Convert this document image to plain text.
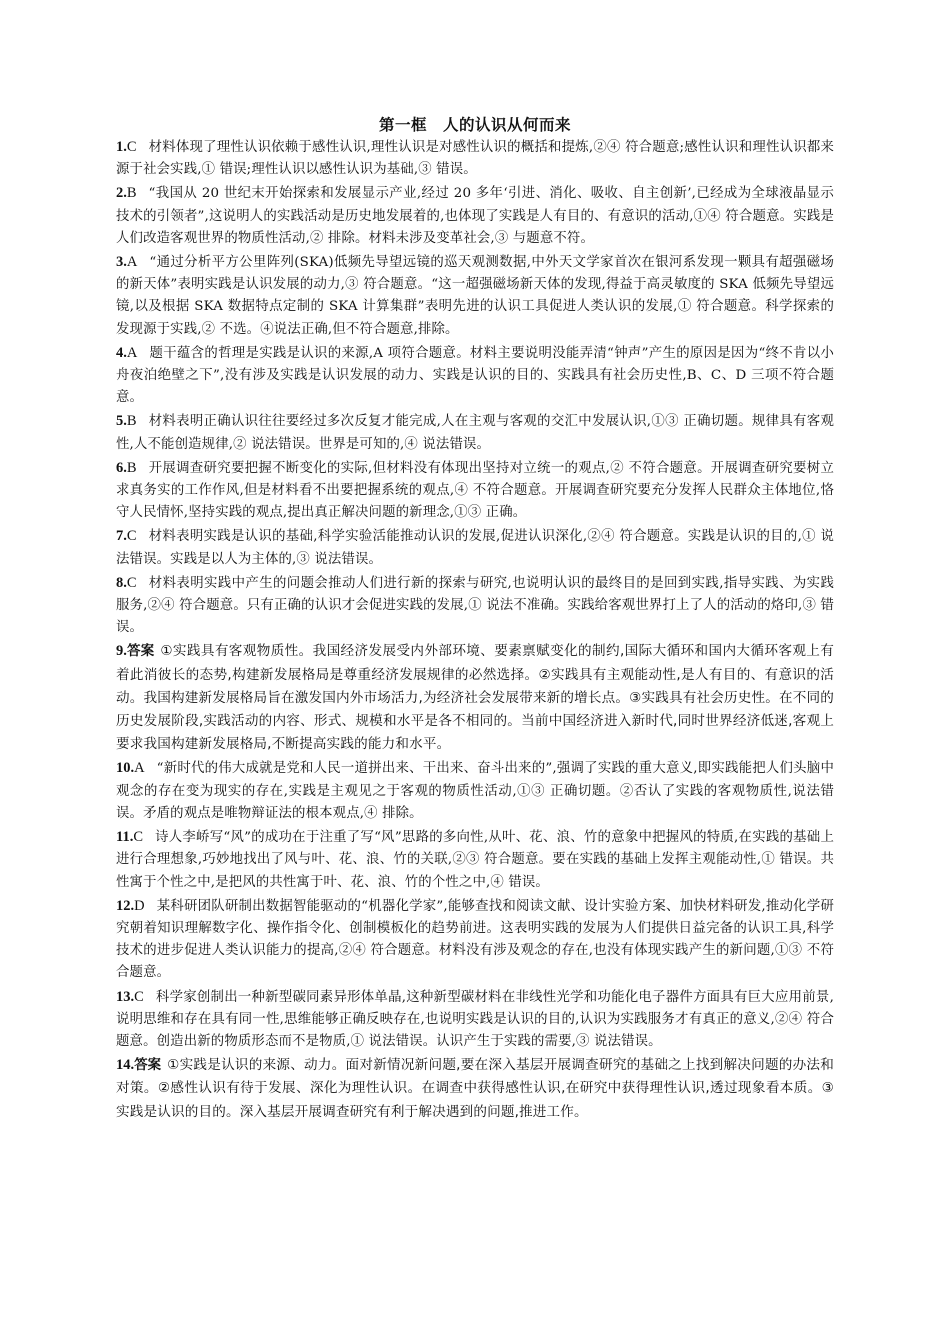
第一框　人的认识从何而来
1.C 材料体现了理性认识依赖于感性认识,理性认识是对感性认识的概括和提炼,②④ 符合题意;感性认识和理性认识都来源于社会实践,① 错误;理性认识以感性认识为基础,③ 错误。
2.B “我国从 20 世纪末开始探索和发展显示产业,经过 20 多年‘引进、消化、吸收、自主创新’,已经成为全球液晶显示技术的引领者”,这说明人的实践活动是历史地发展着的,也体现了实践是人有目的、有意识的活动,①④ 符合题意。实践是人们改造客观世界的物质性活动,② 排除。材料未涉及变革社会,③ 与题意不符。
3.A “通过分析平方公里阵列(SKA)低频先导望远镜的巡天观测数据,中外天文学家首次在银河系发现一颗具有超强磁场的新天体”表明实践是认识发展的动力,③ 符合题意。“这一超强磁场新天体的发现,得益于高灵敏度的 SKA 低频先导望远镜,以及根据 SKA 数据特点定制的 SKA 计算集群”表明先进的认识工具促进人类认识的发展,① 符合题意。科学探索的发现源于实践,② 不选。④说法正确,但不符合题意,排除。
4.A 题干蕴含的哲理是实践是认识的来源,A 项符合题意。材料主要说明没能弄清“钟声”产生的原因是因为“终不肯以小舟夜泊绝壁之下”,没有涉及实践是认识发展的动力、实践是认识的目的、实践具有社会历史性,B、C、D 三项不符合题意。
5.B 材料表明正确认识往往要经过多次反复才能完成,人在主观与客观的交汇中发展认识,①③ 正确切题。规律具有客观性,人不能创造规律,② 说法错误。世界是可知的,④ 说法错误。
6.B 开展调查研究要把握不断变化的实际,但材料没有体现出坚持对立统一的观点,② 不符合题意。开展调查研究要树立求真务实的工作作风,但是材料看不出要把握系统的观点,④ 不符合题意。开展调查研究要充分发挥人民群众主体地位,恪守人民情怀,坚持实践的观点,提出真正解决问题的新理念,①③ 正确。
7.C 材料表明实践是认识的基础,科学实验活能推动认识的发展,促进认识深化,②④ 符合题意。实践是认识的目的,① 说法错误。实践是以人为主体的,③ 说法错误。
8.C 材料表明实践中产生的问题会推动人们进行新的探索与研究,也说明认识的最终目的是回到实践,指导实践、为实践服务,②④ 符合题意。只有正确的认识才会促进实践的发展,① 说法不准确。实践给客观世界打上了人的活动的烙印,③ 错误。
9.答案 ①实践具有客观物质性。我国经济发展受内外部环境、要素禀赋变化的制约,国际大循环和国内大循环客观上有着此消彼长的态势,构建新发展格局是尊重经济发展规律的必然选择。②实践具有主观能动性,是人有目的、有意识的活动。我国构建新发展格局旨在激发国内外市场活力,为经济社会发展带来新的增长点。③实践具有社会历史性。在不同的历史发展阶段,实践活动的内容、形式、规模和水平是各不相同的。当前中国经济进入新时代,同时世界经济低迷,客观上要求我国构建新发展格局,不断提高实践的能力和水平。
10.A “新时代的伟大成就是党和人民一道拼出来、干出来、奋斗出来的”,强调了实践的重大意义,即实践能把人们头脑中观念的存在变为现实的存在,实践是主观见之于客观的物质性活动,①③ 正确切题。②否认了实践的客观物质性,说法错误。矛盾的观点是唯物辩证法的根本观点,④ 排除。
11.C 诗人李峤写“风”的成功在于注重了写“风”思路的多向性,从叶、花、浪、竹的意象中把握风的特质,在实践的基础上进行合理想象,巧妙地找出了风与叶、花、浪、竹的关联,②③ 符合题意。要在实践的基础上发挥主观能动性,① 错误。共性寓于个性之中,是把风的共性寓于叶、花、浪、竹的个性之中,④ 错误。
12.D 某科研团队研制出数据智能驱动的“机器化学家”,能够查找和阅读文献、设计实验方案、加快材料研发,推动化学研究朝着知识理解数字化、操作指令化、创制模板化的趋势前进。这表明实践的发展为人们提供日益完备的认识工具,科学技术的进步促进人类认识能力的提高,②④ 符合题意。材料没有涉及观念的存在,也没有体现实践产生的新问题,①③ 不符合题意。
13.C 科学家创制出一种新型碳同素异形体单晶,这种新型碳材料在非线性光学和功能化电子器件方面具有巨大应用前景,说明思维和存在具有同一性,思维能够正确反映存在,也说明实践是认识的目的,认识为实践服务才有真正的意义,②④ 符合题意。创造出新的物质形态而不是物质,① 说法错误。认识产生于实践的需要,③ 说法错误。
14.答案 ①实践是认识的来源、动力。面对新情况新问题,要在深入基层开展调查研究的基础之上找到解决问题的办法和对策。②感性认识有待于发展、深化为理性认识。在调查中获得感性认识,在研究中获得理性认识,透过现象看本质。③实践是认识的目的。深入基层开展调查研究有利于解决遇到的问题,推进工作。
